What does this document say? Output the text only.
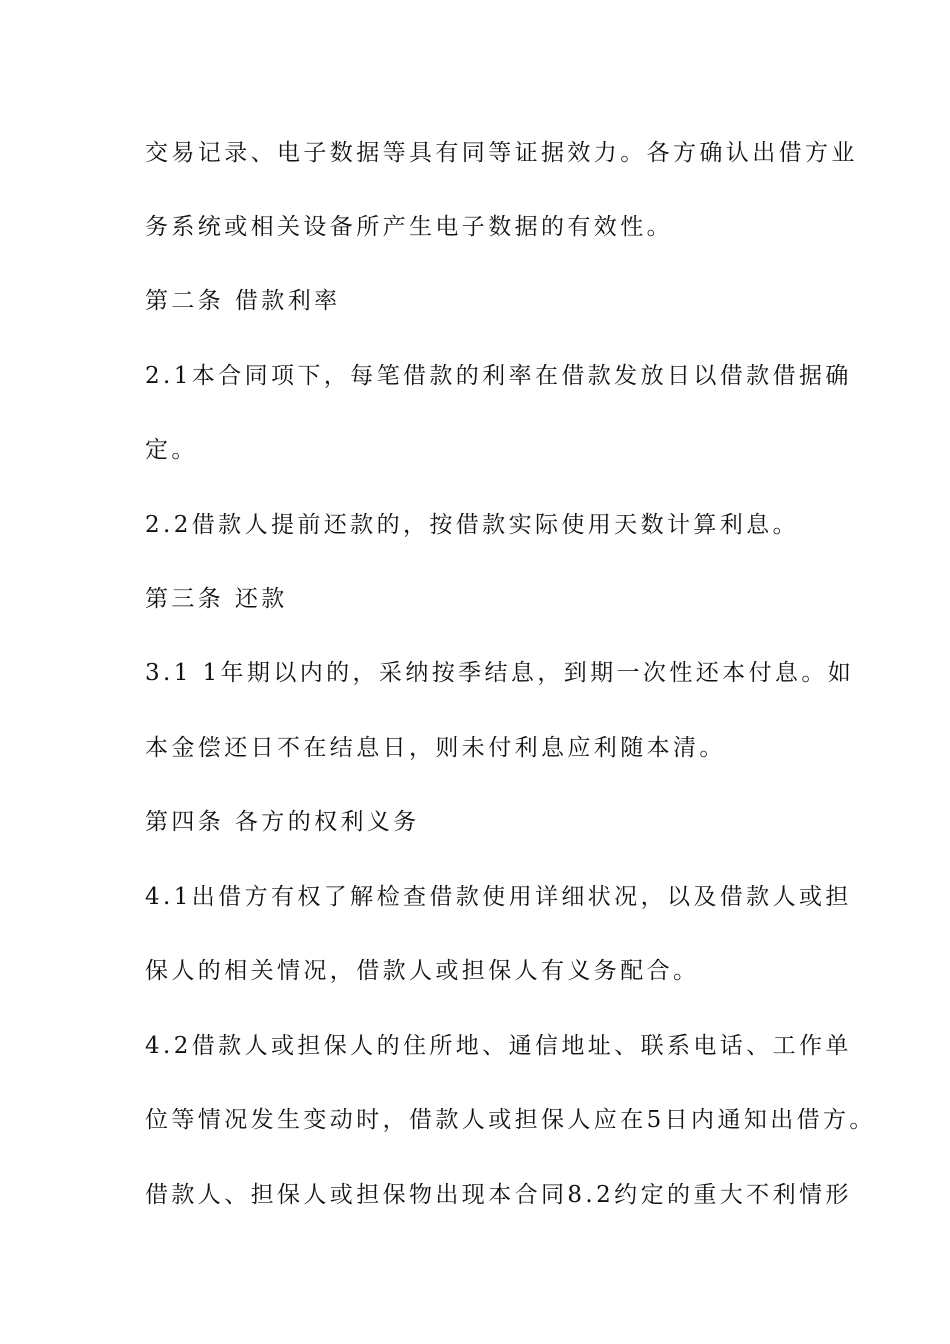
交易记录、电子数据等具有同等证据效力。各方确认出借方业

务系统或相关设备所产生电子数据的有效性。

第二条 借款利率

2.1本合同项下，每笔借款的利率在借款发放日以借款借据确

定。

2.2借款人提前还款的，按借款实际使用天数计算利息。

第三条 还款

3.1 1年期以内的，采纳按季结息，到期一次性还本付息。如

本金偿还日不在结息日，则未付利息应利随本清。

第四条 各方的权利义务

4.1出借方有权了解检查借款使用详细状况，以及借款人或担

保人的相关情况，借款人或担保人有义务配合。

4.2借款人或担保人的住所地、通信地址、联系电话、工作单

位等情况发生变动时，借款人或担保人应在5日内通知出借方。

借款人、担保人或担保物出现本合同8.2约定的重大不利情形
